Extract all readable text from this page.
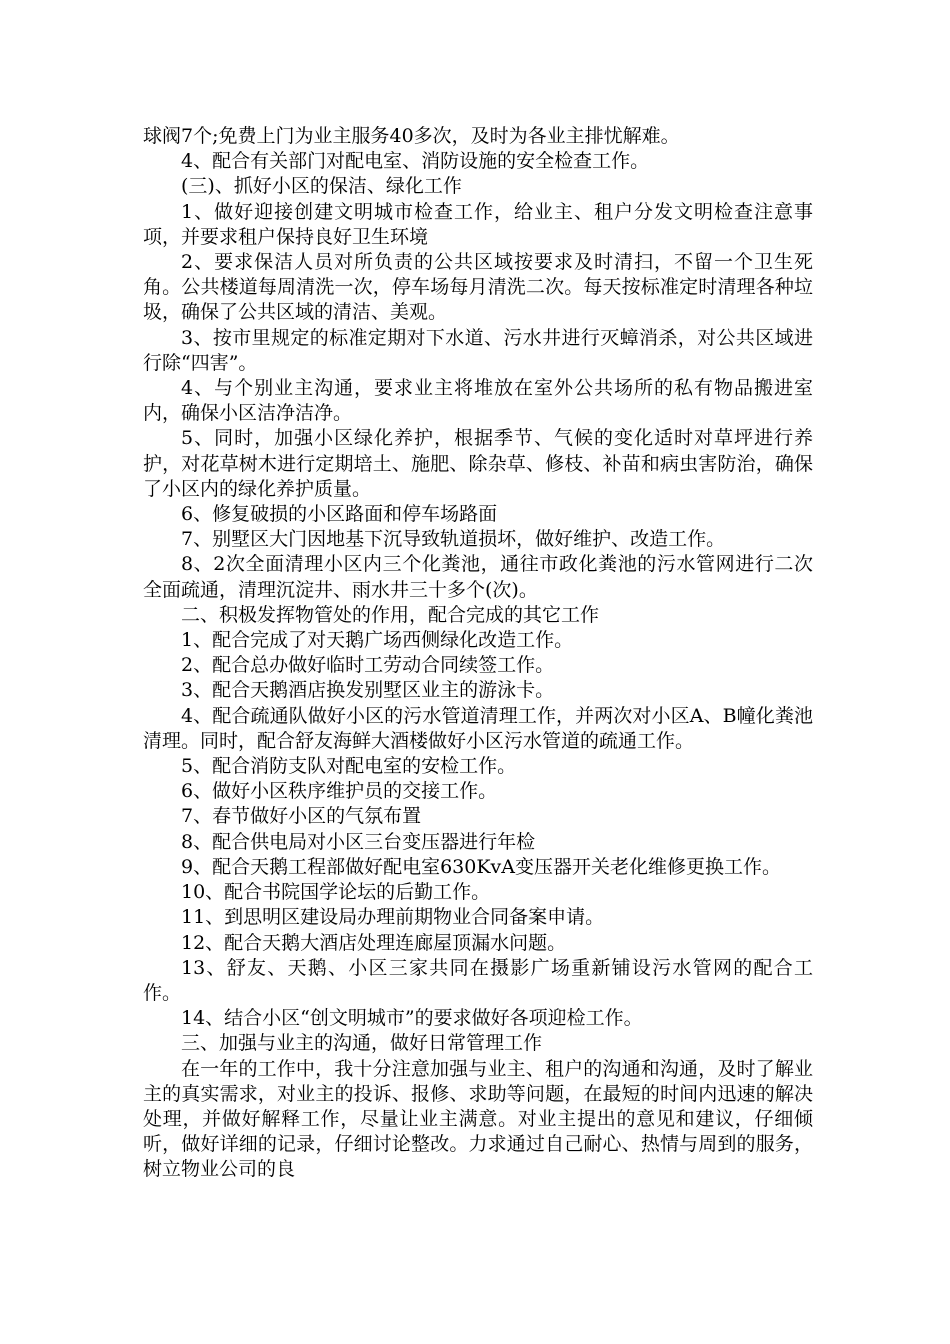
球阀7个;免费上门为业主服务40多次，及时为各业主排忧解难。

4、配合有关部门对配电室、消防设施的安全检查工作。

(三)、抓好小区的保洁、绿化工作

1、做好迎接创建文明城市检查工作，给业主、租户分发文明检查注意事项，并要求租户保持良好卫生环境

2、要求保洁人员对所负责的公共区域按要求及时清扫，不留一个卫生死角。公共楼道每周清洗一次，停车场每月清洗二次。每天按标准定时清理各种垃圾，确保了公共区域的清洁、美观。

3、按市里规定的标准定期对下水道、污水井进行灭蟑消杀，对公共区域进行除“四害”。

4、与个别业主沟通，要求业主将堆放在室外公共场所的私有物品搬进室内，确保小区洁净洁净。

5、同时，加强小区绿化养护，根据季节、气候的变化适时对草坪进行养护，对花草树木进行定期培土、施肥、除杂草、修枝、补苗和病虫害防治，确保了小区内的绿化养护质量。

6、修复破损的小区路面和停车场路面

7、别墅区大门因地基下沉导致轨道损坏，做好维护、改造工作。

8、2次全面清理小区内三个化粪池，通往市政化粪池的污水管网进行二次全面疏通，清理沉淀井、雨水井三十多个(次)。

二、积极发挥物管处的作用，配合完成的其它工作

1、配合完成了对天鹅广场西侧绿化改造工作。

2、配合总办做好临时工劳动合同续签工作。

3、配合天鹅酒店换发别墅区业主的游泳卡。

4、配合疏通队做好小区的污水管道清理工作，并两次对小区A、B幢化粪池清理。同时，配合舒友海鲜大酒楼做好小区污水管道的疏通工作。

5、配合消防支队对配电室的安检工作。

6、做好小区秩序维护员的交接工作。

7、春节做好小区的气氛布置

8、配合供电局对小区三台变压器进行年检

9、配合天鹅工程部做好配电室630KvA变压器开关老化维修更换工作。

10、配合书院国学论坛的后勤工作。

11、到思明区建设局办理前期物业合同备案申请。

12、配合天鹅大酒店处理连廊屋顶漏水问题。

13、舒友、天鹅、小区三家共同在摄影广场重新铺设污水管网的配合工作。

14、结合小区“创文明城市”的要求做好各项迎检工作。

三、加强与业主的沟通，做好日常管理工作

在一年的工作中，我十分注意加强与业主、租户的沟通和沟通，及时了解业主的真实需求，对业主的投诉、报修、求助等问题，在最短的时间内迅速的解决处理，并做好解释工作，尽量让业主满意。对业主提出的意见和建议，仔细倾听，做好详细的记录，仔细讨论整改。力求通过自己耐心、热情与周到的服务，树立物业公司的良
